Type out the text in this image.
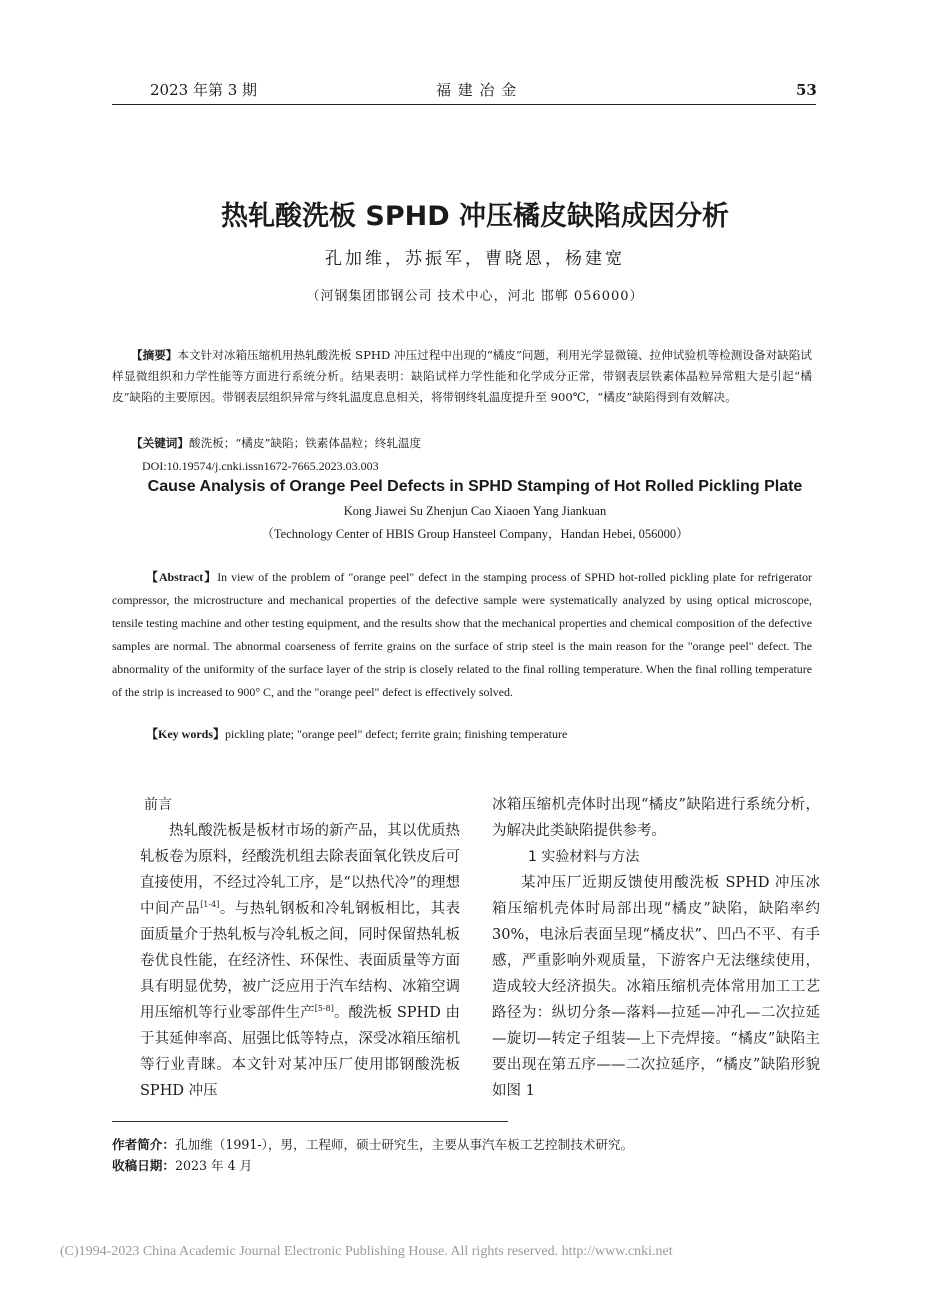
2023 年第 3 期	福 建 冶 金	53
热轧酸洗板 SPHD 冲压橘皮缺陷成因分析
孔加维，苏振军，曹晓恩，杨建宽
（河钢集团邯钢公司 技术中心，河北 邯郸 056000）
【摘要】本文针对冰箱压缩机用热轧酸洗板 SPHD 冲压过程中出现的“橘皮”问题，利用光学显微镜、拉伸试验机等检测设备对缺陷试样显微组织和力学性能等方面进行系统分析。结果表明：缺陷试样力学性能和化学成分正常，带钢表层铁素体晶粒异常粗大是引起“橘皮”缺陷的主要原因。带钢表层组织异常与终轧温度息息相关，将带钢终轧温度提升至 900℃，“橘皮”缺陷得到有效解决。
【关键词】酸洗板；“橘皮”缺陷；铁素体晶粒；终轧温度
DOI:10.19574/j.cnki.issn1672-7665.2023.03.003
Cause Analysis of Orange Peel Defects in SPHD Stamping of Hot Rolled Pickling Plate
Kong Jiawei Su Zhenjun Cao Xiaoen Yang Jiankuan
（Technology Center of HBIS Group Hansteel Company，Handan Hebei, 056000）
【Abstract】In view of the problem of "orange peel" defect in the stamping process of SPHD hot-rolled pickling plate for refrigerator compressor, the microstructure and mechanical properties of the defective sample were systematically analyzed by using optical microscope, tensile testing machine and other testing equipment, and the results show that the mechanical properties and chemical composition of the defective samples are normal. The abnormal coarseness of ferrite grains on the surface of strip steel is the main reason for the "orange peel" defect. The abnormality of the uniformity of the surface layer of the strip is closely related to the final rolling temperature. When the final rolling temperature of the strip is increased to 900° C, and the "orange peel" defect is effectively solved.
【Key words】pickling plate; "orange peel" defect; ferrite grain; finishing temperature

前言

热轧酸洗板是板材市场的新产品，其以优质热轧板卷为原料，经酸洗机组去除表面氧化铁皮后可直接使用，不经过冷轧工序，是“以热代冷”的理想中间产品[1-4]。与热轧钢板和冷轧钢板相比，其表面质量介于热轧板与冷轧板之间，同时保留热轧板卷优良性能，在经济性、环保性、表面质量等方面具有明显优势，被广泛应用于汽车结构、冰箱空调用压缩机等行业零部件生产[5-8]。酸洗板 SPHD 由于其延伸率高、屈强比低等特点，深受冰箱压缩机等行业青睐。本文针对某冲压厂使用邯钢酸洗板 SPHD 冲压

冰箱压缩机壳体时出现“橘皮”缺陷进行系统分析，为解决此类缺陷提供参考。

1 实验材料与方法

某冲压厂近期反馈使用酸洗板 SPHD 冲压冰箱压缩机壳体时局部出现“橘皮”缺陷，缺陷率约 30%，电泳后表面呈现“橘皮状”、凹凸不平、有手感，严重影响外观质量，下游客户无法继续使用，造成较大经济损失。冰箱压缩机壳体常用加工工艺路径为：纵切分条—落料—拉延—冲孔—二次拉延—旋切—转定子组装—上下壳焊接。“橘皮”缺陷主要出现在第五序——二次拉延序，“橘皮”缺陷形貌如图 1

作者简介：孔加维（1991-），男，工程师，硕士研究生，主要从事汽车板工艺控制技术研究。
收稿日期：2023 年 4 月
(C)1994-2023 China Academic Journal Electronic Publishing House. All rights reserved. http://www.cnki.net
